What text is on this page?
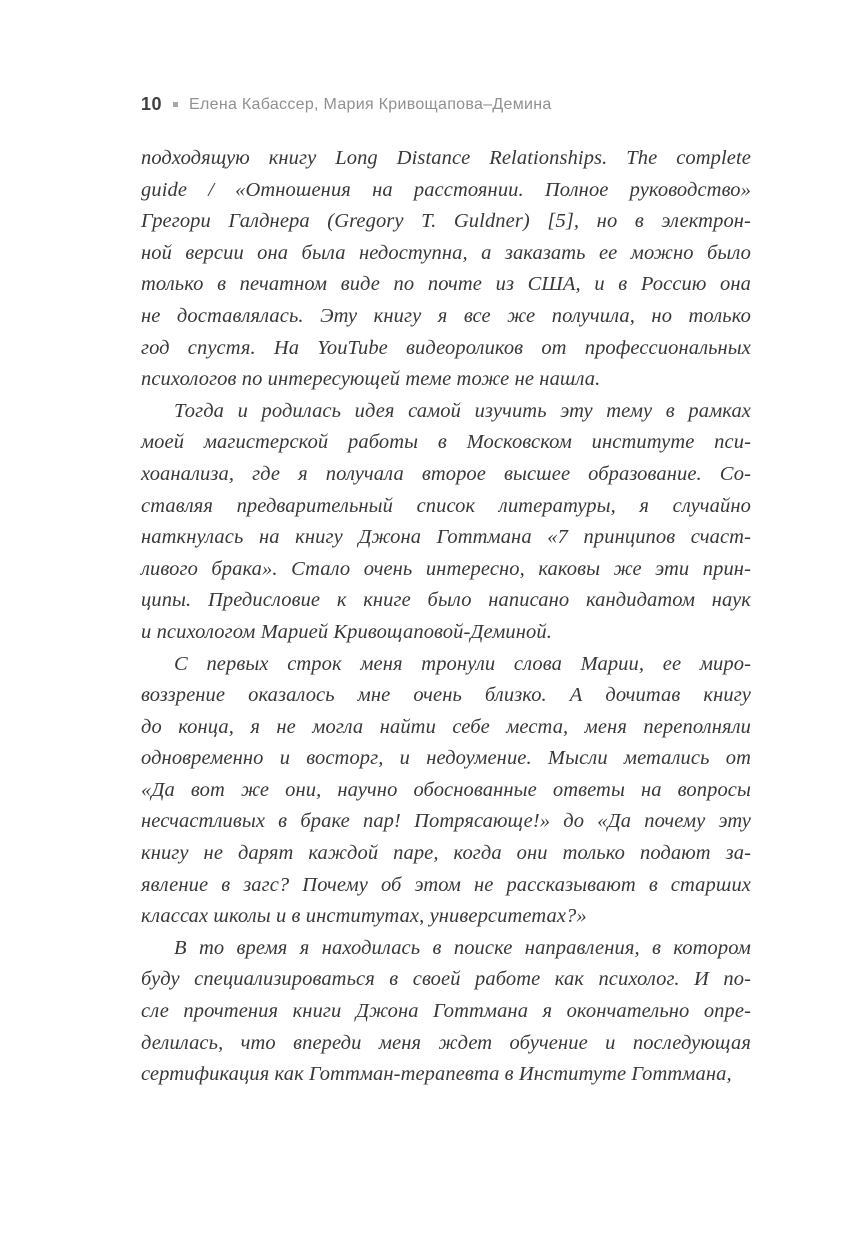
10 Елена Кабассер, Мария Кривощапова–Демина
подходящую книгу Long Distance Relationships. The complete
guide / «Отношения на расстоянии. Полное руководство»
Грегори Галднера (Gregory T. Guldner) [5], но в электрон-
ной версии она была недоступна, а заказать ее можно было
только в печатном виде по почте из США, и в Россию она
не доставлялась. Эту книгу я все же получила, но только
год спустя. На YouTube видеороликов от профессиональных
психологов по интересующей теме тоже не нашла.
Тогда и родилась идея самой изучить эту тему в рамках
моей магистерской работы в Московском институте пси-
хоанализа, где я получала второе высшее образование. Со-
ставляя предварительный список литературы, я случайно
наткнулась на книгу Джона Готтмана «7 принципов счаст-
ливого брака». Стало очень интересно, каковы же эти прин-
ципы. Предисловие к книге было написано кандидатом наук
и психологом Марией Кривощаповой-Деминой.
С первых строк меня тронули слова Марии, ее миро-
воззрение оказалось мне очень близко. А дочитав книгу
до конца, я не могла найти себе места, меня переполняли
одновременно и восторг, и недоумение. Мысли метались от
«Да вот же они, научно обоснованные ответы на вопросы
несчастливых в браке пар! Потрясающе!» до «Да почему эту
книгу не дарят каждой паре, когда они только подают за-
явление в загс? Почему об этом не рассказывают в старших
классах школы и в институтах, университетах?»
В то время я находилась в поиске направления, в котором
буду специализироваться в своей работе как психолог. И по-
сле прочтения книги Джона Готтмана я окончательно опре-
делилась, что впереди меня ждет обучение и последующая
сертификация как Готтман-терапевта в Институте Готтмана,
